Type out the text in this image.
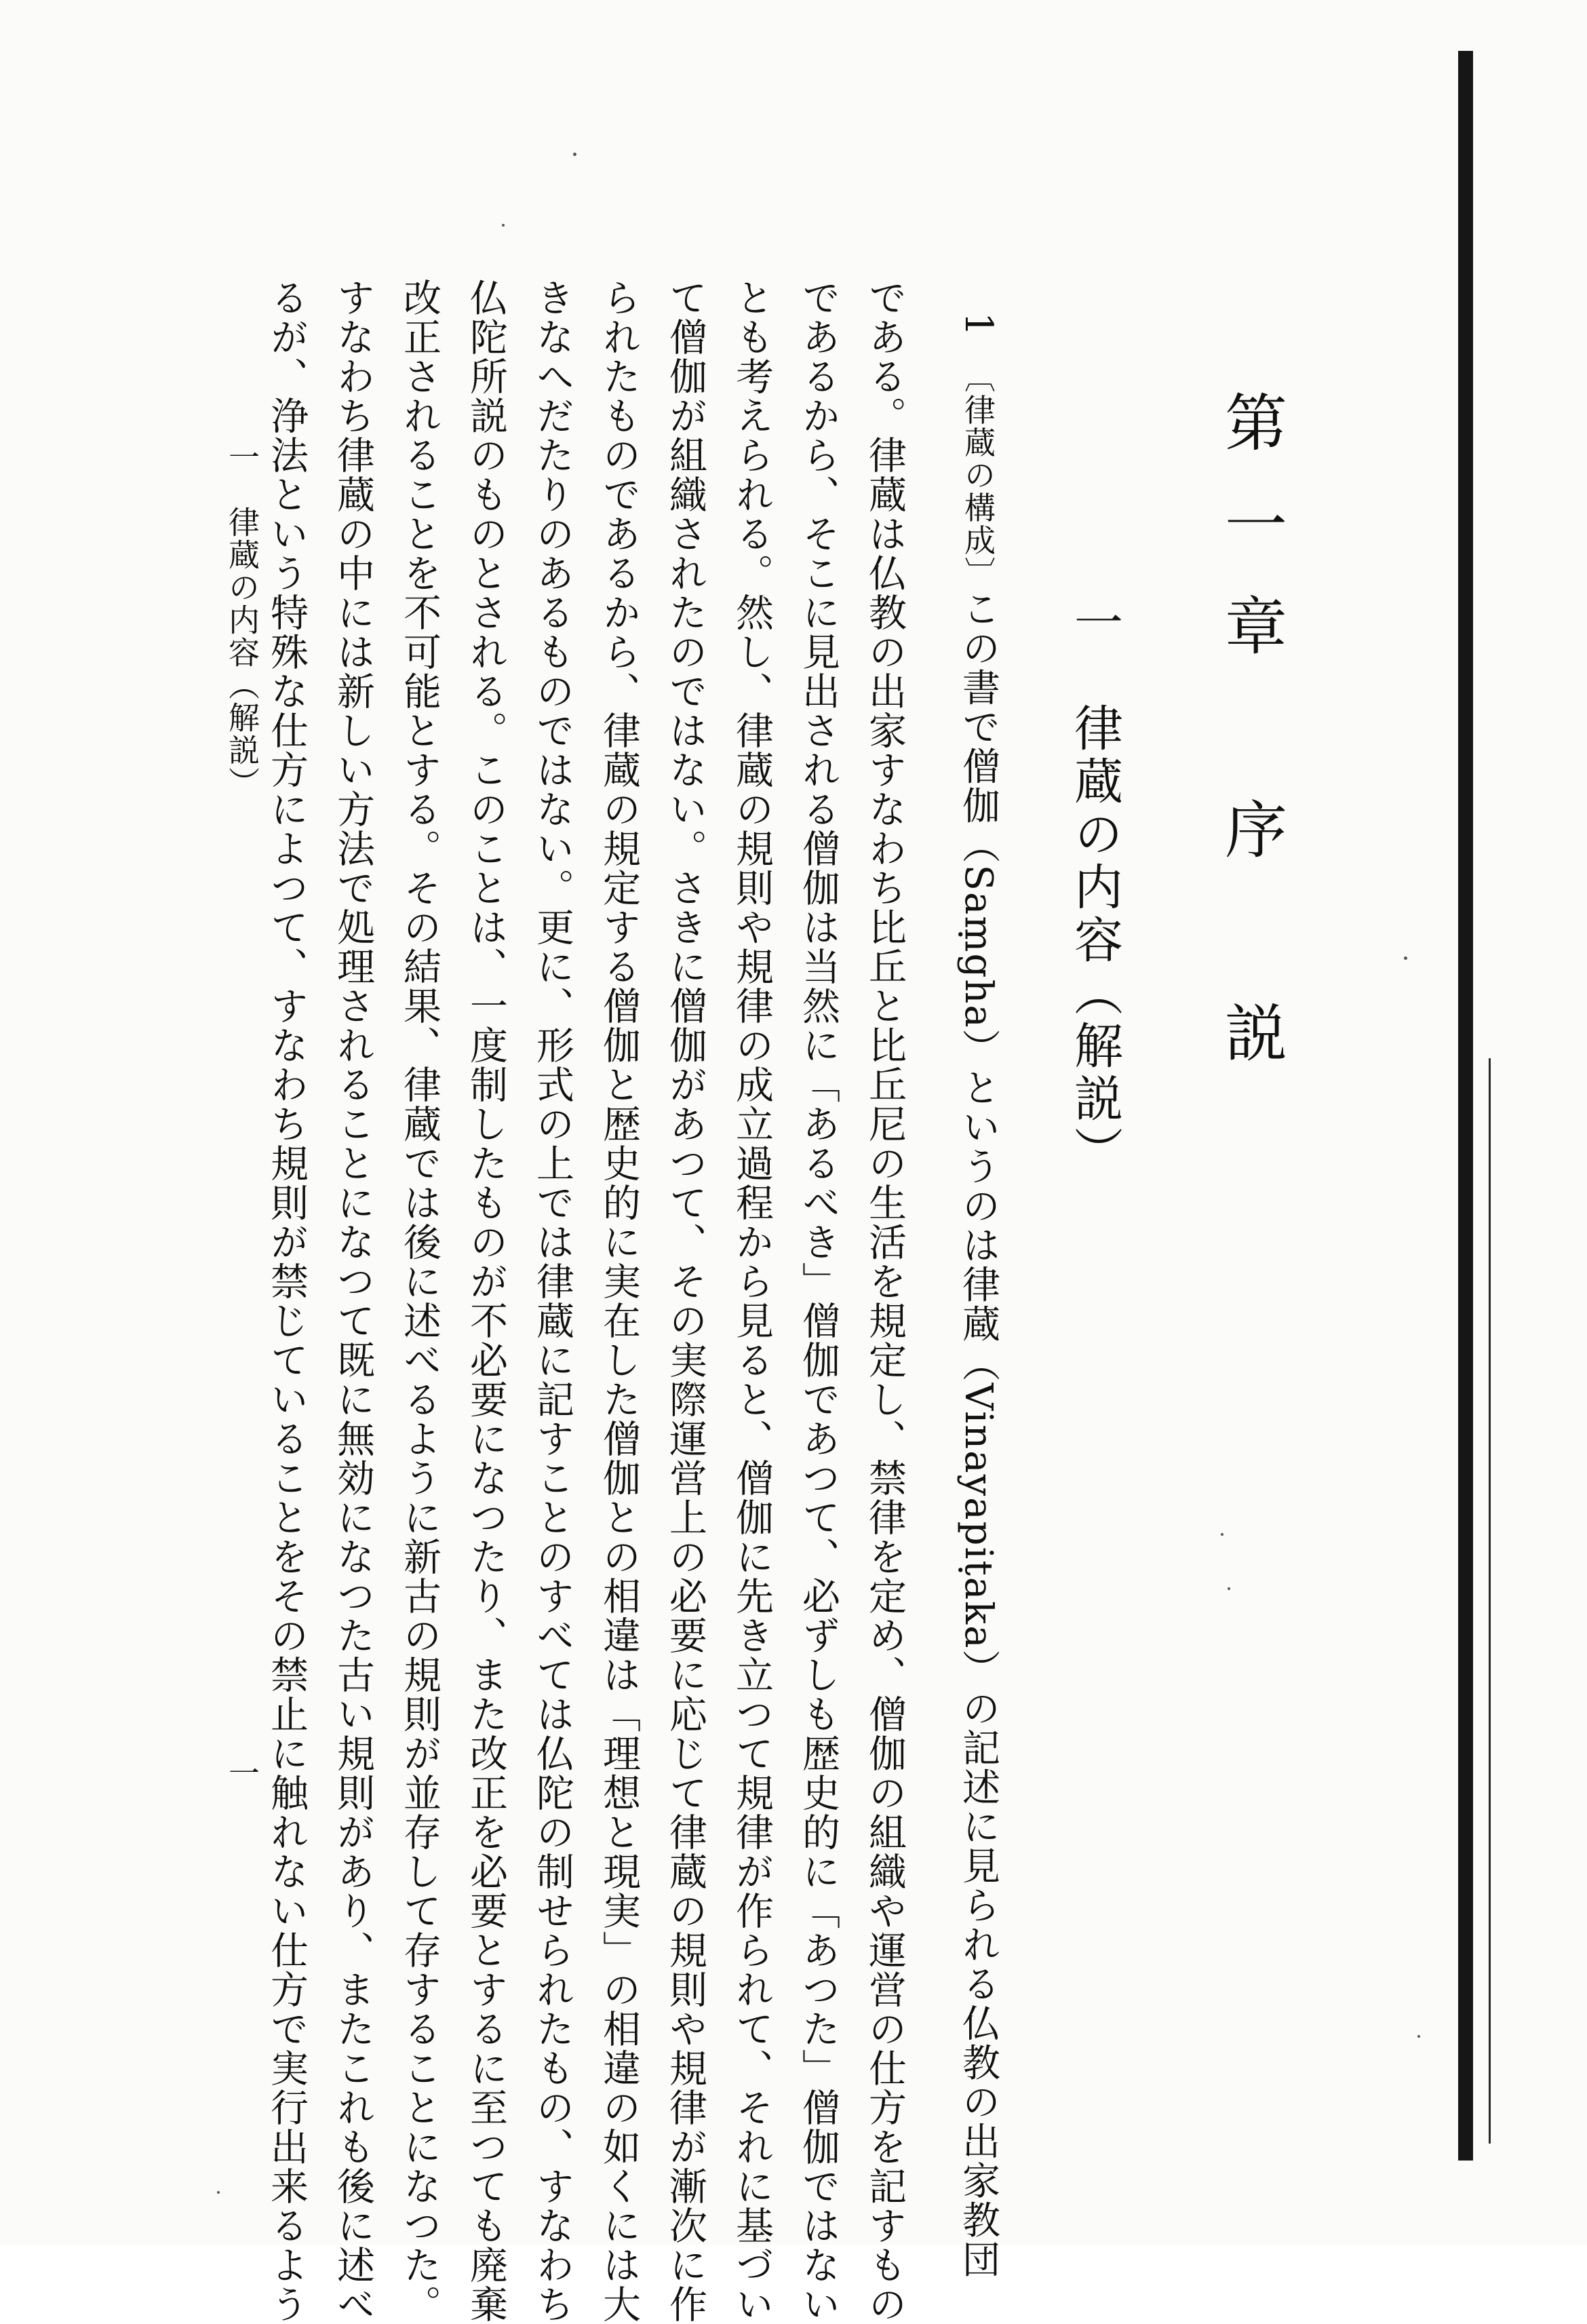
第一章　序　説
一　律蔵の内容（解説）
1　〔律蔵の構成〕この書で僧伽（Saṃgha）というのは律蔵（Vinayapiṭaka）の記述に見られる仏教の出家教団
である。律蔵は仏教の出家すなわち比丘と比丘尼の生活を規定し、禁律を定め、僧伽の組織や運営の仕方を記すもの
であるから、そこに見出される僧伽は当然に「あるべき」僧伽であつて、必ずしも歴史的に「あつた」僧伽ではない
とも考えられる。然し、律蔵の規則や規律の成立過程から見ると、僧伽に先き立つて規律が作られて、それに基づい
て僧伽が組織されたのではない。さきに僧伽があつて、その実際運営上の必要に応じて律蔵の規則や規律が漸次に作
られたものであるから、律蔵の規定する僧伽と歴史的に実在した僧伽との相違は「理想と現実」の相違の如くには大
きなへだたりのあるものではない。更に、形式の上では律蔵に記すことのすべては仏陀の制せられたもの、すなわち
仏陀所説のものとされる。このことは、一度制したものが不必要になつたり、また改正を必要とするに至つても廃棄
改正されることを不可能とする。その結果、律蔵では後に述べるように新古の規則が並存して存することになつた。
すなわち律蔵の中には新しい方法で処理されることになつて既に無効になつた古い規則があり、またこれも後に述べ
るが、浄法という特殊な仕方によつて、すなわち規則が禁じていることをその禁止に触れない仕方で実行出来るよう
一　律蔵の内容（解説）
一
